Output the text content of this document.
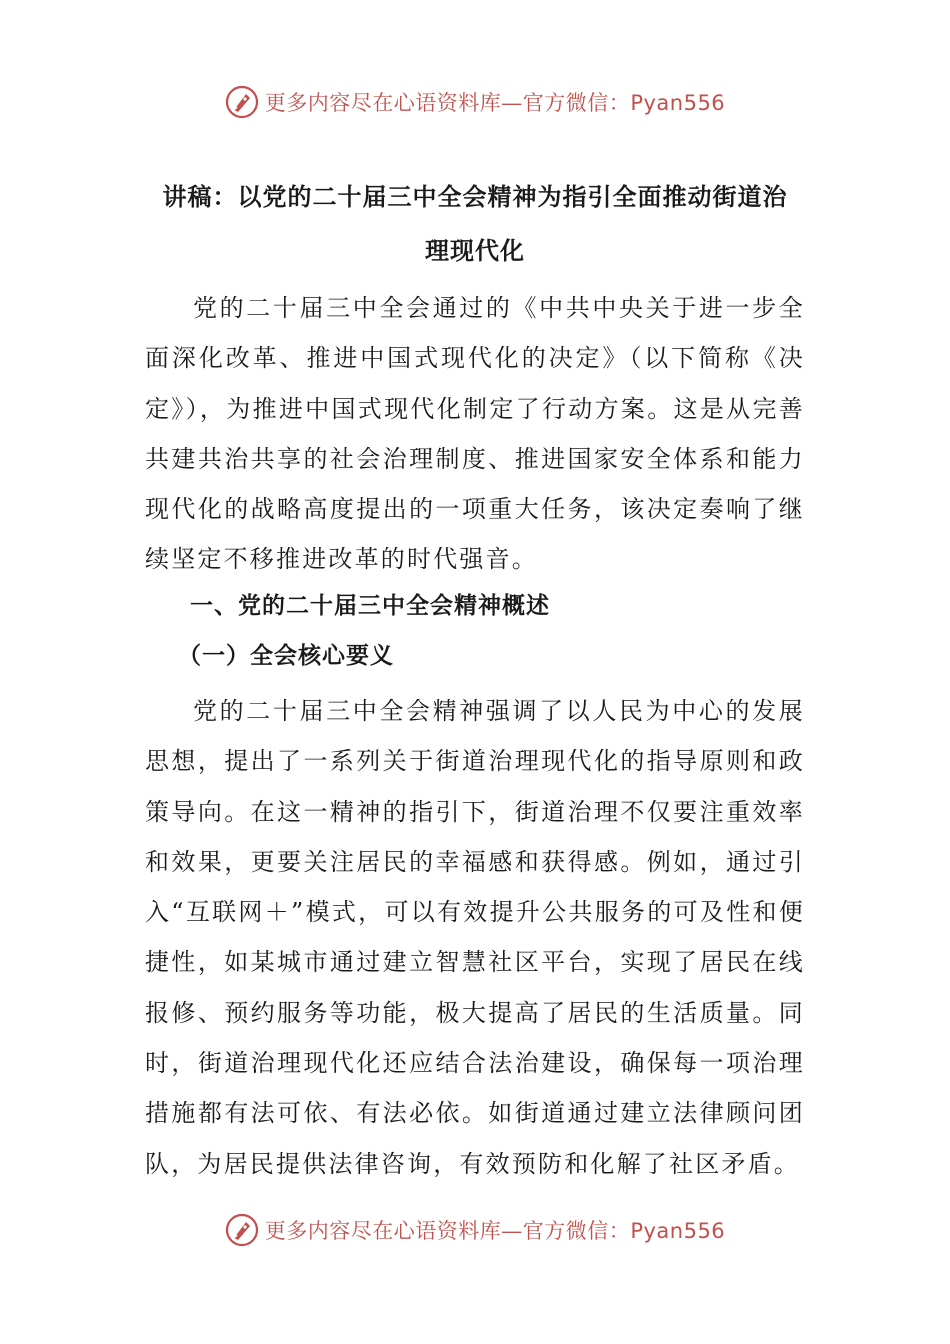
更多内容尽在心语资料库—官方微信：Pyan556
讲稿：以党的二十届三中全会精神为指引全面推动街道治
理现代化

党的二十届三中全会通过的《中共中央关于进一步全面深化改革、推进中国式现代化的决定》（以下简称《决定》），为推进中国式现代化制定了行动方案。这是从完善共建共治共享的社会治理制度、推进国家安全体系和能力现代化的战略高度提出的一项重大任务，该决定奏响了继续坚定不移推进改革的时代强音。

一、党的二十届三中全会精神概述

（一）全会核心要义

党的二十届三中全会精神强调了以人民为中心的发展思想，提出了一系列关于街道治理现代化的指导原则和政策导向。在这一精神的指引下，街道治理不仅要注重效率和效果，更要关注居民的幸福感和获得感。例如，通过引入“互联网＋”模式，可以有效提升公共服务的可及性和便捷性，如某城市通过建立智慧社区平台，实现了居民在线报修、预约服务等功能，极大提高了居民的生活质量。同时，街道治理现代化还应结合法治建设，确保每一项治理措施都有法可依、有法必依。如街道通过建立法律顾问团队，为居民提供法律咨询，有效预防和化解了社区矛盾。

更多内容尽在心语资料库—官方微信：Pyan556
